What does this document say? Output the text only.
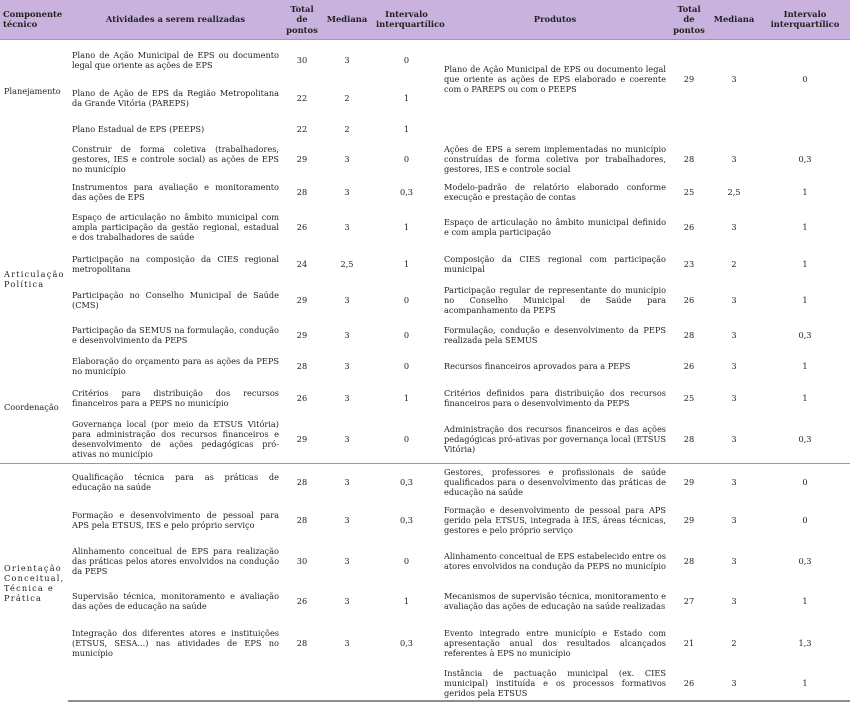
Componente técnico	Atividades a serem realizadas	Total de pontos	Mediana	Intervalo interquartílico	Produtos	Total de pontos	Mediana	Intervalo interquartílico
Planejamento	Plano de Ação Municipal de EPS ou documento legal que oriente as ações de EPS	30	3	0	Plano de Ação Municipal de EPS ou documento legal que oriente as ações de EPS elaborado e coerente com o PAREPS ou com o PEEPS	29	3	0
	Plano de Ação de EPS da Região Metropolitana da Grande Vitória (PAREPS)	22	2	1				
	Plano Estadual de EPS (PEEPS)	22	2	1				
	Construir de forma coletiva (trabalhadores, gestores, IES e controle social) as ações de EPS no município	29	3	0	Ações de EPS a serem implementadas no município construídas de forma coletiva por trabalhadores, gestores, IES e controle social	28	3	0,3
	Instrumentos para avaliação e monitoramento das ações de EPS	28	3	0,3	Modelo-padrão de relatório elaborado conforme execução e prestação de contas	25	2,5	1
Articulação Política	Espaço de articulação no âmbito municipal com ampla participação da gestão regional, estadual e dos trabalhadores de saúde	26	3	1	Espaço de articulação no âmbito municipal definido e com ampla participação	26	3	1
	Participação na composição da CIES regional metropolitana	24	2,5	1	Composição da CIES regional com participação municipal	23	2	1
	Participação no Conselho Municipal de Saúde (CMS)	29	3	0	Participação regular de representante do município no Conselho Municipal de Saúde para acompanhamento da PEPS	26	3	1
	Participação da SEMUS na formulação, condução e desenvolvimento da PEPS	29	3	0	Formulação, condução e desenvolvimento da PEPS realizada pela SEMUS	28	3	0,3
Coordenação	Elaboração do orçamento para as ações da PEPS no município	28	3	0	Recursos financeiros aprovados para a PEPS	26	3	1
	Critérios para distribuição dos recursos financeiros para a PEPS no município	26	3	1	Critérios definidos para distribuição dos recursos financeiros para o desenvolvimento da PEPS	25	3	1
	Governança local (por meio da ETSUS Vitória) para administração dos recursos financeiros e desenvolvimento de ações pedagógicas pró-ativas no município	29	3	0	Administração dos recursos financeiros e das ações pedagógicas pró-ativas por governança local (ETSUS Vitória)	28	3	0,3
Orientação Conceitual, Técnica e Prática	Qualificação técnica para as práticas de educação na saúde	28	3	0,3	Gestores, professores e profissionais de saúde qualificados para o desenvolvimento das práticas de educação na saúde	29	3	0
	Formação e desenvolvimento de pessoal para APS pela ETSUS, IES e pelo próprio serviço	28	3	0,3	Formação e desenvolvimento de pessoal para APS gerido pela ETSUS, integrada à IES, áreas técnicas, gestores e pelo próprio serviço	29	3	0
	Alinhamento conceitual de EPS para realização das práticas pelos atores envolvidos na condução da PEPS	30	3	0	Alinhamento conceitual de EPS estabelecido entre os atores envolvidos na condução da PEPS no município	28	3	0,3
	Supervisão técnica, monitoramento e avaliação das ações de educação na saúde	26	3	1	Mecanismos de supervisão técnica, monitoramento e avaliação das ações de educação na saúde realizadas	27	3	1
	Integração dos diferentes atores e instituições (ETSUS, SESA...) nas atividades de EPS no município	28	3	0,3	Evento integrado entre município e Estado com apresentação anual dos resultados alcançados referentes à EPS no município	21	2	1,3
					Instância de pactuação municipal (ex. CIES municipal) instituída e os processos formativos geridos pela ETSUS	26	3	1
